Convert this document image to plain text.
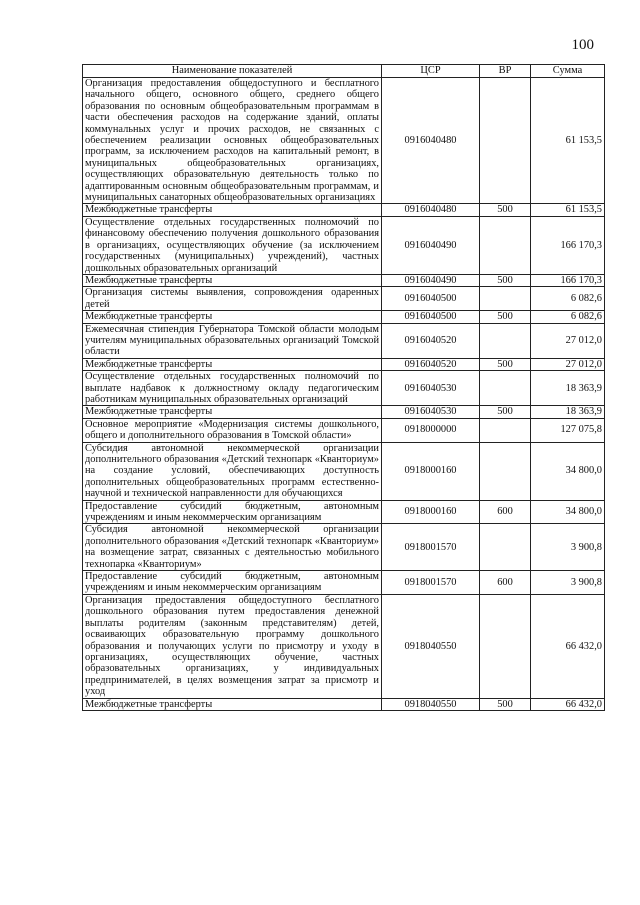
100
Наименование показателей	ЦСР	ВР	Сумма
Организация предоставления общедоступного и бесплатного начального общего, основного общего, среднего общего образования по основным общеобразовательным программам в части обеспечения расходов на содержание зданий, оплаты коммунальных услуг и прочих расходов, не связанных с обеспечением реализации основных общеобразовательных программ, за исключением расходов на капитальный ремонт, в муниципальных общеобразовательных организациях, осуществляющих образовательную деятельность только по адаптированным основным общеобразовательным программам, и муниципальных санаторных общеобразовательных организациях	0916040480		61 153,5
Межбюджетные трансферты	0916040480	500	61 153,5
Осуществление отдельных государственных полномочий по финансовому обеспечению получения дошкольного образования в организациях, осуществляющих обучение (за исключением государственных (муниципальных) учреждений), частных дошкольных образовательных организаций	0916040490		166 170,3
Межбюджетные трансферты	0916040490	500	166 170,3
Организация системы выявления, сопровождения одаренных детей	0916040500		6 082,6
Межбюджетные трансферты	0916040500	500	6 082,6
Ежемесячная стипендия Губернатора Томской области молодым учителям муниципальных образовательных организаций Томской области	0916040520		27 012,0
Межбюджетные трансферты	0916040520	500	27 012,0
Осуществление отдельных государственных полномочий по выплате надбавок к должностному окладу педагогическим работникам муниципальных образовательных организаций	0916040530		18 363,9
Межбюджетные трансферты	0916040530	500	18 363,9
Основное мероприятие «Модернизация системы дошкольного, общего и дополнительного образования в Томской области»	0918000000		127 075,8
Субсидия автономной некоммерческой организации дополнительного образования «Детский технопарк «Кванториум» на создание условий, обеспечивающих доступность дополнительных общеобразовательных программ естественно-научной и технической направленности для обучающихся	0918000160		34 800,0
Предоставление субсидий бюджетным, автономным учреждениям и иным некоммерческим организациям	0918000160	600	34 800,0
Субсидия автономной некоммерческой организации дополнительного образования «Детский технопарк «Кванториум» на возмещение затрат, связанных с деятельностью мобильного технопарка «Кванториум»	0918001570		3 900,8
Предоставление субсидий бюджетным, автономным учреждениям и иным некоммерческим организациям	0918001570	600	3 900,8
Организация предоставления общедоступного бесплатного дошкольного образования путем предоставления денежной выплаты родителям (законным представителям) детей, осваивающих образовательную программу дошкольного образования и получающих услуги по присмотру и уходу в организациях, осуществляющих обучение, частных образовательных организациях, у индивидуальных предпринимателей, в целях возмещения затрат за присмотр и уход	0918040550		66 432,0
Межбюджетные трансферты	0918040550	500	66 432,0
